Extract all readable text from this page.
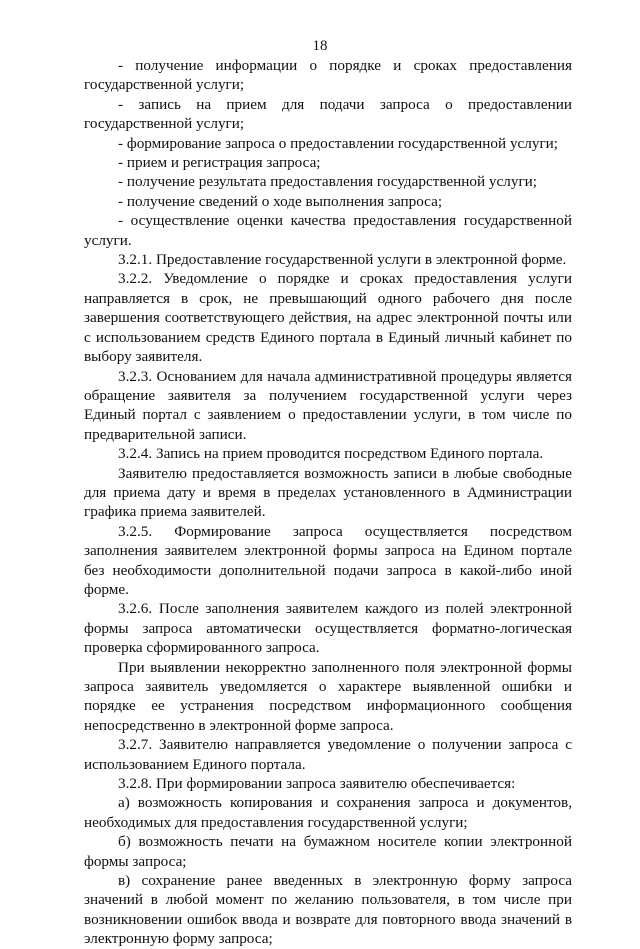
18

- получение информации о порядке и сроках предоставления государственной услуги;

- запись на прием для подачи запроса о предоставлении государственной услуги;

- формирование запроса о предоставлении государственной услуги;

- прием и регистрация запроса;

- получение результата предоставления государственной услуги;

- получение сведений о ходе выполнения запроса;

- осуществление оценки качества предоставления государственной услуги.

3.2.1. Предоставление государственной услуги в электронной форме.

3.2.2. Уведомление о порядке и сроках предоставления услуги направляется в срок, не превышающий одного рабочего дня после завершения соответствующего действия, на адрес электронной почты или с использованием средств Единого портала в Единый личный кабинет по выбору заявителя.

3.2.3. Основанием для начала административной процедуры является обращение заявителя за получением государственной услуги через Единый портал с заявлением о предоставлении услуги, в том числе по предварительной записи.

3.2.4. Запись на прием проводится посредством Единого портала.

Заявителю предоставляется возможность записи в любые свободные для приема дату и время в пределах установленного в Администрации графика приема заявителей.

3.2.5. Формирование запроса осуществляется посредством заполнения заявителем электронной формы запроса на Едином портале без необходимости дополнительной подачи запроса в какой-либо иной форме.

3.2.6. После заполнения заявителем каждого из полей электронной формы запроса автоматически осуществляется форматно-логическая проверка сформированного запроса.

При выявлении некорректно заполненного поля электронной формы запроса заявитель уведомляется о характере выявленной ошибки и порядке ее устранения посредством информационного сообщения непосредственно в электронной форме запроса.

3.2.7. Заявителю направляется уведомление о получении запроса с использованием Единого портала.

3.2.8. При формировании запроса заявителю обеспечивается:

а) возможность копирования и сохранения запроса и документов, необходимых для предоставления государственной услуги;

б) возможность печати на бумажном носителе копии электронной формы запроса;

в) сохранение ранее введенных в электронную форму запроса значений в любой момент по желанию пользователя, в том числе при возникновении ошибок ввода и возврате для повторного ввода значений в электронную форму запроса;
